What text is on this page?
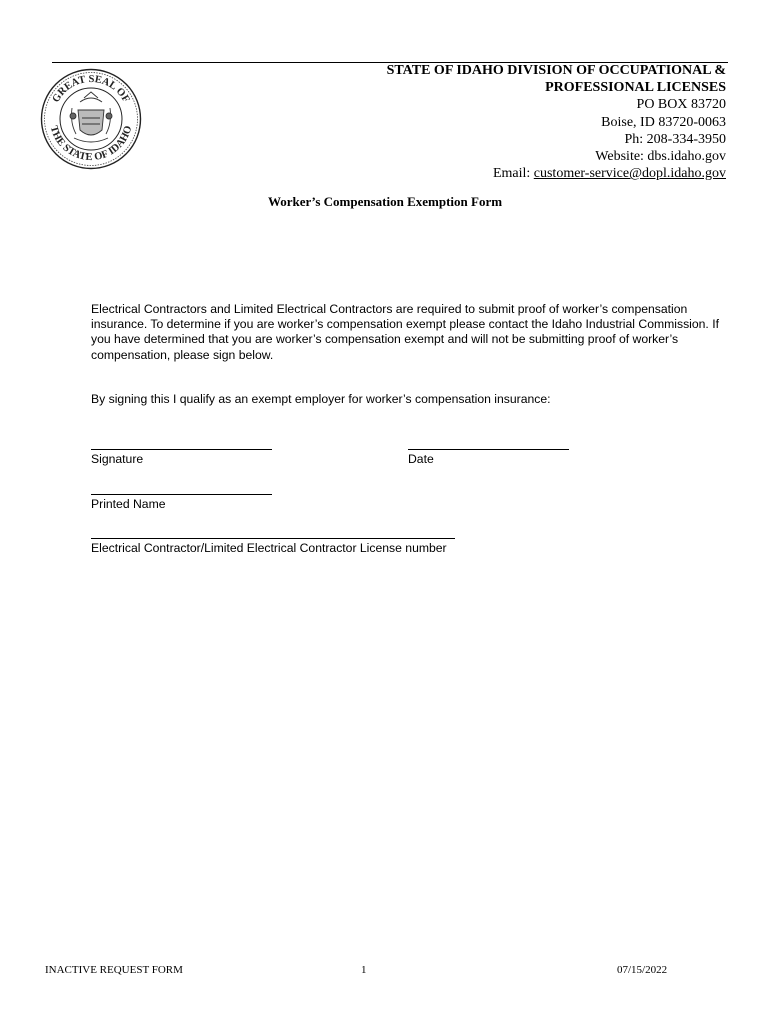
GREAT SEAL OF
THE STATE OF IDAHO
STATE OF IDAHO DIVISION OF OCCUPATIONAL &
PROFESSIONAL LICENSES
PO BOX 83720
Boise, ID 83720-0063
Ph: 208-334-3950
Website: dbs.idaho.gov
Email: customer-service@dopl.idaho.gov
Worker’s Compensation Exemption Form
Electrical Contractors and Limited Electrical Contractors are required to submit proof of worker’s compensation insurance. To determine if you are worker’s compensation exempt please contact the Idaho Industrial Commission. If you have determined that you are worker’s compensation exempt and will not be submitting proof of worker’s compensation, please sign below.
By signing this I qualify as an exempt employer for worker’s compensation insurance:
Signature	Date
Printed Name
Electrical Contractor/Limited Electrical Contractor License number
INACTIVE REQUEST FORM	1	07/15/2022
